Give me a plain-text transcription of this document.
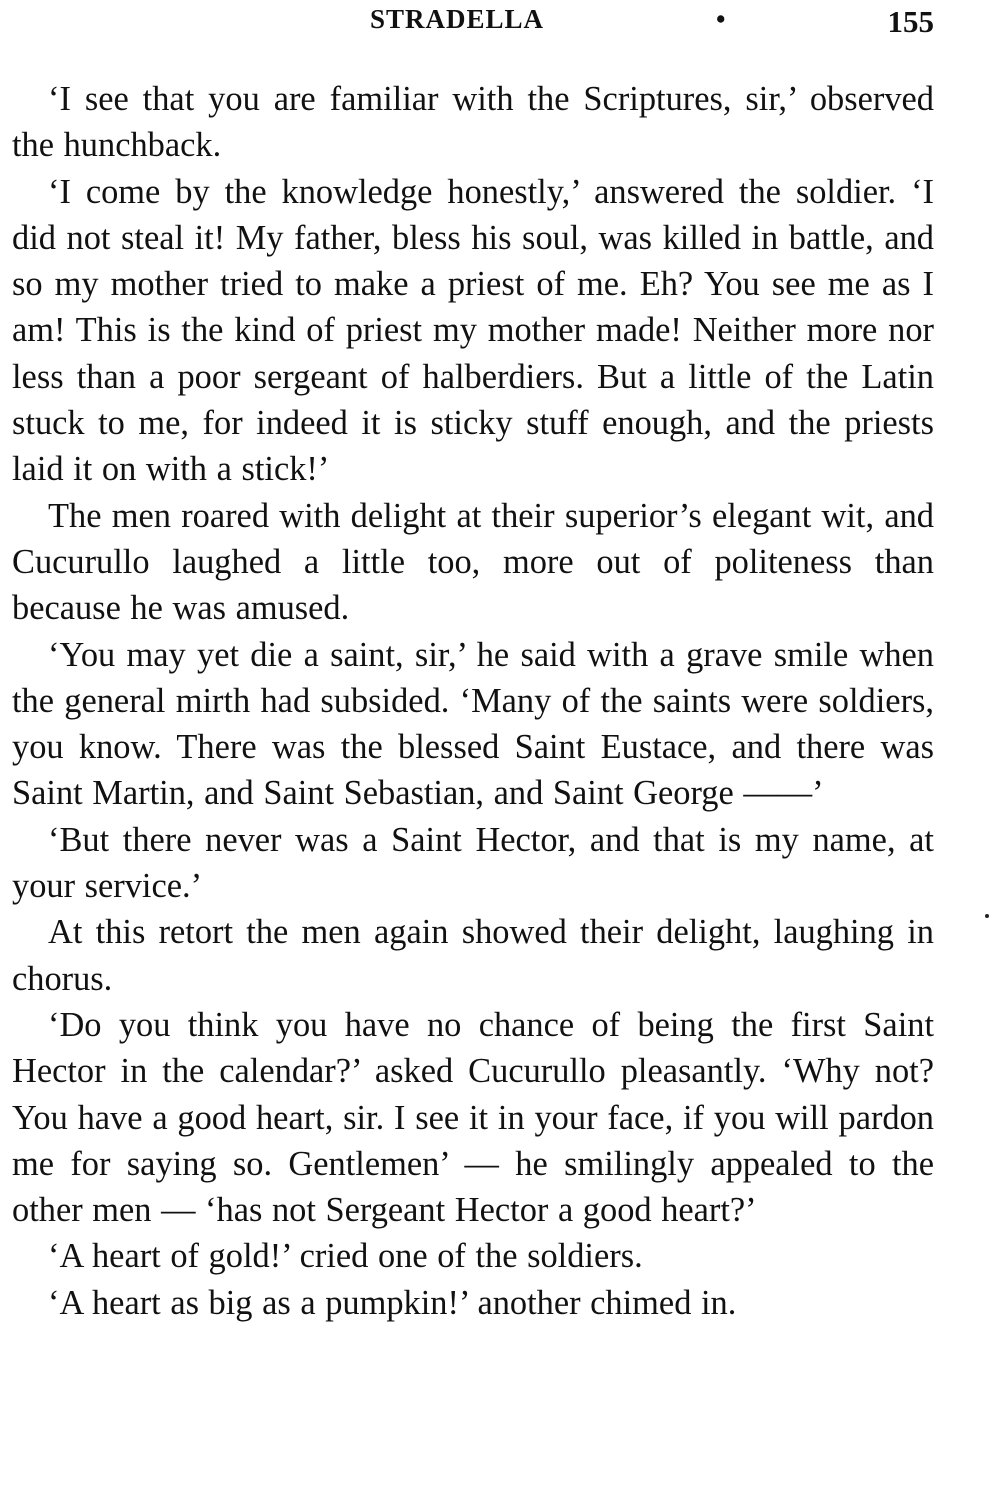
STRADELLA	•	155

‘I see that you are familiar with the Scriptures, sir,’ observed the hunchback.

‘I come by the knowledge honestly,’ answered the soldier. ‘I did not steal it! My father, bless his soul, was killed in battle, and so my mother tried to make a priest of me. Eh? You see me as I am! This is the kind of priest my mother made! Neither more nor less than a poor sergeant of halberdiers. But a little of the Latin stuck to me, for indeed it is sticky stuff enough, and the priests laid it on with a stick!’

The men roared with delight at their superior’s elegant wit, and Cucurullo laughed a little too, more out of politeness than because he was amused.

‘You may yet die a saint, sir,’ he said with a grave smile when the general mirth had subsided. ‘Many of the saints were soldiers, you know. There was the blessed Saint Eustace, and there was Saint Martin, and Saint Sebastian, and Saint George ——’

‘But there never was a Saint Hector, and that is my name, at your service.’

At this retort the men again showed their delight, laughing in chorus.

‘Do you think you have no chance of being the first Saint Hector in the calendar?’ asked Cucurullo pleasantly. ‘Why not? You have a good heart, sir. I see it in your face, if you will pardon me for saying so. Gentlemen’ — he smilingly appealed to the other men — ‘has not Sergeant Hector a good heart?’

‘A heart of gold!’ cried one of the soldiers.

‘A heart as big as a pumpkin!’ another chimed in.
